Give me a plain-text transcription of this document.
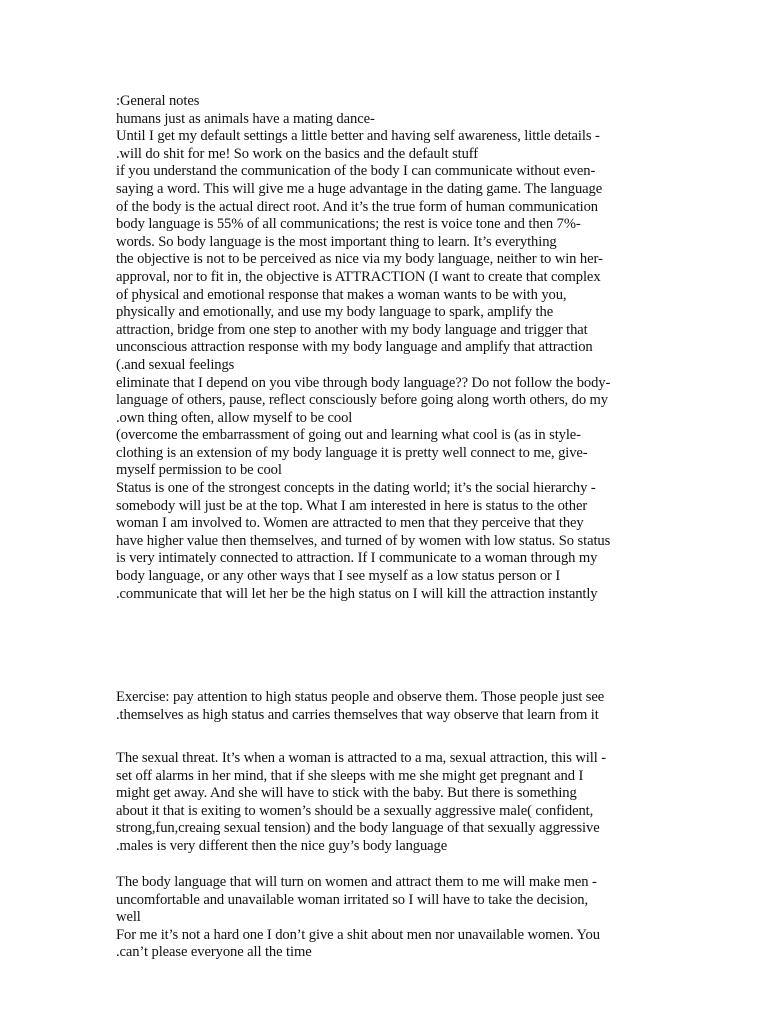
:General notes
humans just as animals have a mating dance-
Until I get my default settings a little better and having self awareness, little details -
.will do shit for me! So work on the basics and the default stuff
if you understand the communication of the body I can communicate without even-
saying a word. This will give me a huge advantage in the dating game. The language
of the body is the actual direct root. And it’s the true form of human communication
body language is 55% of all communications; the rest is voice tone and then 7%-
words. So body language is the most important thing to learn. It’s everything
the objective is not to be perceived as nice via my body language, neither to win her-
approval, nor to fit in, the objective is ATTRACTION (I want to create that complex
of physical and emotional response that makes a woman wants to be with you,
physically and emotionally, and use my body language to spark, amplify the
attraction, bridge from one step to another with my body language and trigger that
unconscious attraction response with my body language and amplify that attraction
(.and sexual feelings
eliminate that I depend on you vibe through body language?? Do not follow the body-
language of others, pause, reflect consciously before going along worth others, do my
.own thing often, allow myself to be cool
(overcome the embarrassment of going out and learning what cool is (as in style-
clothing is an extension of my body language it is pretty well connect to me, give-
myself permission to be cool
Status is one of the strongest concepts in the dating world; it’s the social hierarchy -
somebody will just be at the top. What I am interested in here is status to the other
woman I am involved to. Women are attracted to men that they perceive that they
have higher value then themselves, and turned of by women with low status. So status
is very intimately connected to attraction. If I communicate to a woman through my
body language, or any other ways that I see myself as a low status person or I
.communicate that will let her be the high status on I will kill the attraction instantly
Exercise: pay attention to high status people and observe them. Those people just see
.themselves as high status and carries themselves that way observe that learn from it
The sexual threat. It’s when a woman is attracted to a ma, sexual attraction, this will -
set off alarms in her mind, that if she sleeps with me she might get pregnant and I
might get away. And she will have to stick with the baby. But there is something
about it that is exiting to women’s should be a sexually aggressive male( confident,
strong,fun,creaing sexual tension) and the body language of that sexually aggressive
.males is very different then the nice guy’s body language
The body language that will turn on women and attract them to me will make men -
uncomfortable and unavailable woman irritated so I will have to take the decision,
well
For me it’s not a hard one I don’t give a shit about men nor unavailable women. You
.can’t please everyone all the time
